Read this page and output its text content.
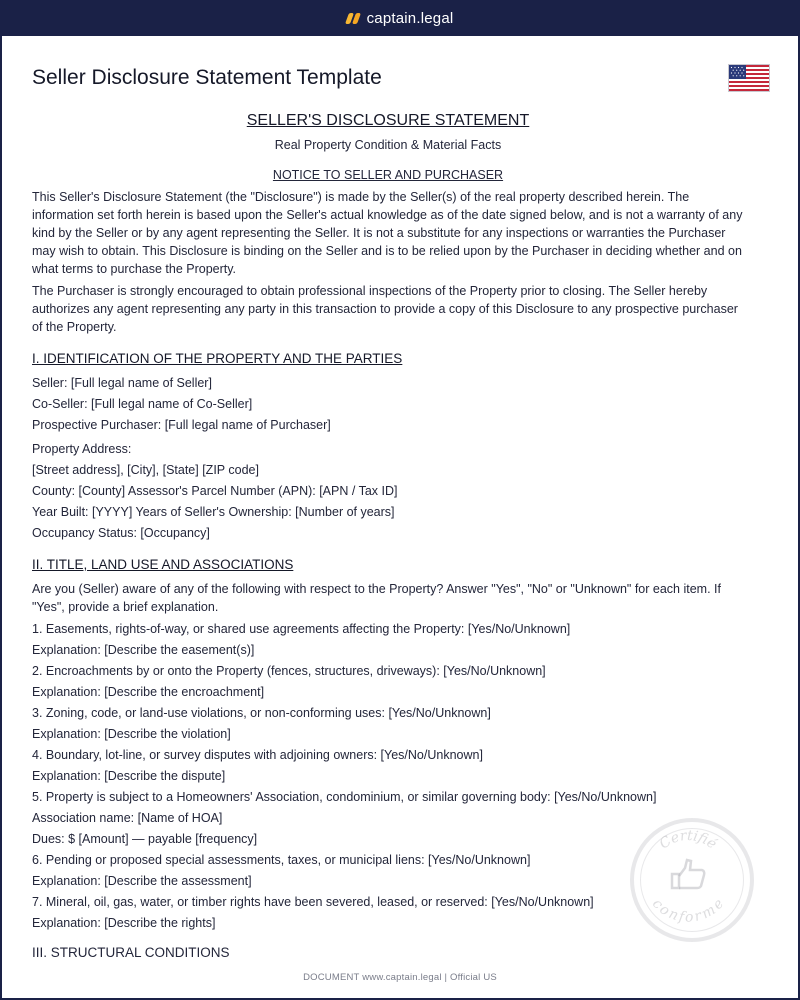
captain.legal
Seller Disclosure Statement Template
SELLER'S DISCLOSURE STATEMENT
Real Property Condition & Material Facts
NOTICE TO SELLER AND PURCHASER

This Seller's Disclosure Statement (the "Disclosure") is made by the Seller(s) of the real property described herein. The information set forth herein is based upon the Seller's actual knowledge as of the date signed below, and is not a warranty of any kind by the Seller or by any agent representing the Seller. It is not a substitute for any inspections or warranties the Purchaser may wish to obtain. This Disclosure is binding on the Seller and is to be relied upon by the Purchaser in deciding whether and on what terms to purchase the Property.

The Purchaser is strongly encouraged to obtain professional inspections of the Property prior to closing. The Seller hereby authorizes any agent representing any party in this transaction to provide a copy of this Disclosure to any prospective purchaser of the Property.

I. IDENTIFICATION OF THE PROPERTY AND THE PARTIES
Seller: [Full legal name of Seller]
Co-Seller: [Full legal name of Co-Seller]
Prospective Purchaser: [Full legal name of Purchaser]
Property Address:
[Street address], [City], [State] [ZIP code]
County: [County] Assessor's Parcel Number (APN): [APN / Tax ID]
Year Built: [YYYY] Years of Seller's Ownership: [Number of years]
Occupancy Status: [Occupancy]
II. TITLE, LAND USE AND ASSOCIATIONS

Are you (Seller) aware of any of the following with respect to the Property? Answer "Yes", "No" or "Unknown" for each item. If "Yes", provide a brief explanation.

1. Easements, rights-of-way, or shared use agreements affecting the Property: [Yes/No/Unknown]
Explanation: [Describe the easement(s)]
2. Encroachments by or onto the Property (fences, structures, driveways): [Yes/No/Unknown]
Explanation: [Describe the encroachment]
3. Zoning, code, or land-use violations, or non-conforming uses: [Yes/No/Unknown]
Explanation: [Describe the violation]
4. Boundary, lot-line, or survey disputes with adjoining owners: [Yes/No/Unknown]
Explanation: [Describe the dispute]
5. Property is subject to a Homeowners' Association, condominium, or similar governing body: [Yes/No/Unknown]
Association name: [Name of HOA]
Dues: $ [Amount] — payable [frequency]
6. Pending or proposed special assessments, taxes, or municipal liens: [Yes/No/Unknown]
Explanation: [Describe the assessment]
7. Mineral, oil, gas, water, or timber rights have been severed, leased, or reserved: [Yes/No/Unknown]
Explanation: [Describe the rights]
III. STRUCTURAL CONDITIONS
Certifié
conforme
DOCUMENT www.captain.legal | Official US
